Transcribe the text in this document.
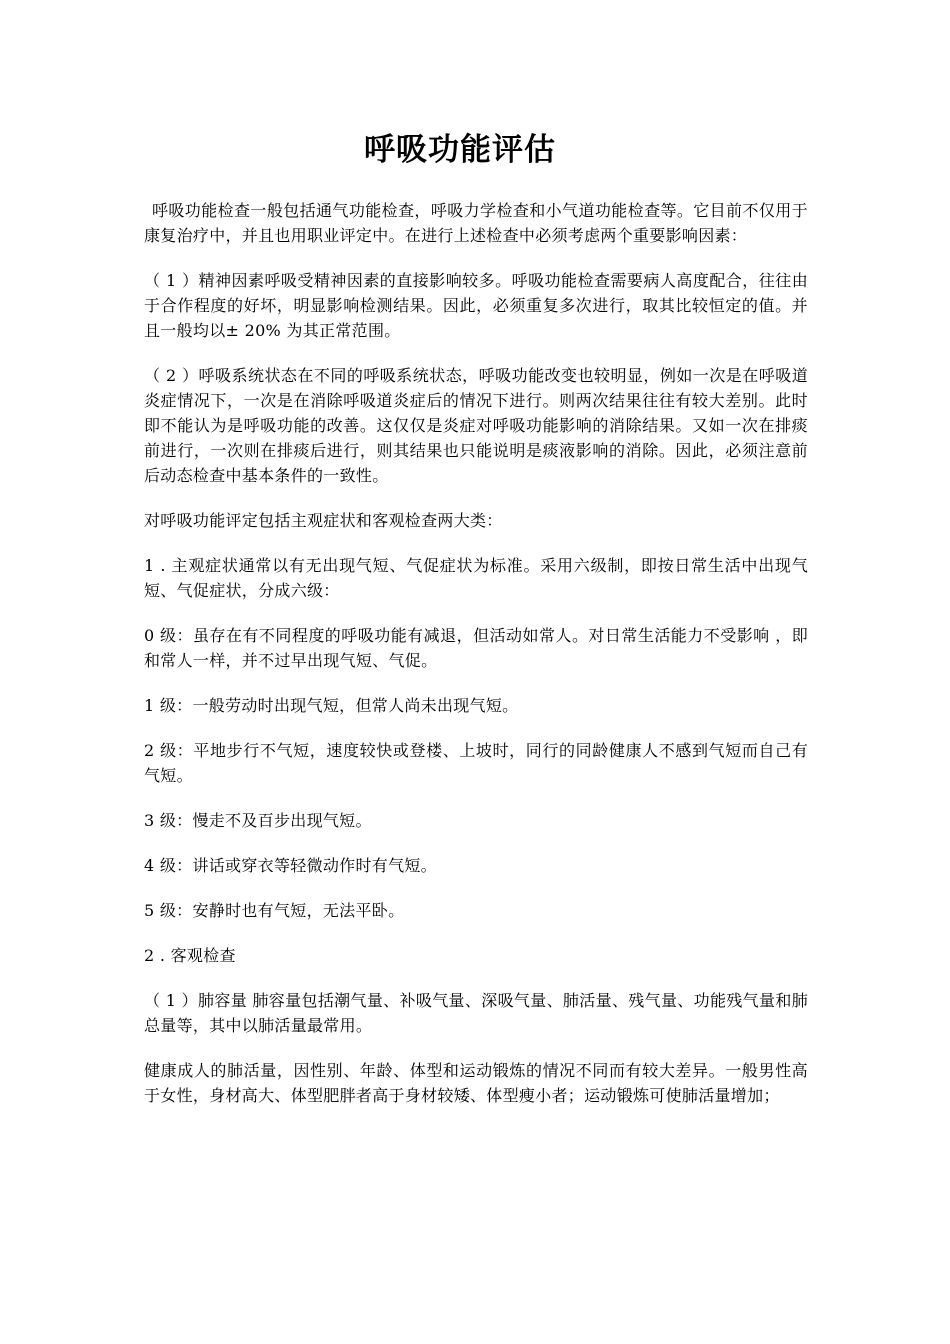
呼吸功能评估

呼吸功能检查一般包括通气功能检查，呼吸力学检查和小气道功能检查等。它目前不仅用于康复治疗中，并且也用职业评定中。在进行上述检查中必须考虑两个重要影响因素：

（ 1 ）精神因素呼吸受精神因素的直接影响较多。呼吸功能检查需要病人高度配合，往往由于合作程度的好坏，明显影响检测结果。因此，必须重复多次进行，取其比较恒定的值。并且一般均以± 20% 为其正常范围。

（ 2 ）呼吸系统状态在不同的呼吸系统状态，呼吸功能改变也较明显，例如一次是在呼吸道炎症情况下，一次是在消除呼吸道炎症后的情况下进行。则两次结果往往有较大差别。此时即不能认为是呼吸功能的改善。这仅仅是炎症对呼吸功能影响的消除结果。又如一次在排痰前进行，一次则在排痰后进行，则其结果也只能说明是痰液影响的消除。因此，必须注意前后动态检查中基本条件的一致性。

对呼吸功能评定包括主观症状和客观检查两大类：

1 . 主观症状通常以有无出现气短、气促症状为标准。采用六级制，即按日常生活中出现气短、气促症状，分成六级：

0 级：虽存在有不同程度的呼吸功能有减退，但活动如常人。对日常生活能力不受影响 ，即和常人一样，并不过早出现气短、气促。

1 级：一般劳动时出现气短，但常人尚未出现气短。

2 级：平地步行不气短，速度较快或登楼、上坡时，同行的同龄健康人不感到气短而自己有气短。

3 级：慢走不及百步出现气短。

4 级：讲话或穿衣等轻微动作时有气短。

5 级：安静时也有气短，无法平卧。

2 . 客观检查

（ 1 ）肺容量 肺容量包括潮气量、补吸气量、深吸气量、肺活量、残气量、功能残气量和肺总量等，其中以肺活量最常用。

健康成人的肺活量，因性别、年龄、体型和运动锻炼的情况不同而有较大差异。一般男性高于女性，身材高大、体型肥胖者高于身材较矮、体型瘦小者；运动锻炼可使肺活量增加；
